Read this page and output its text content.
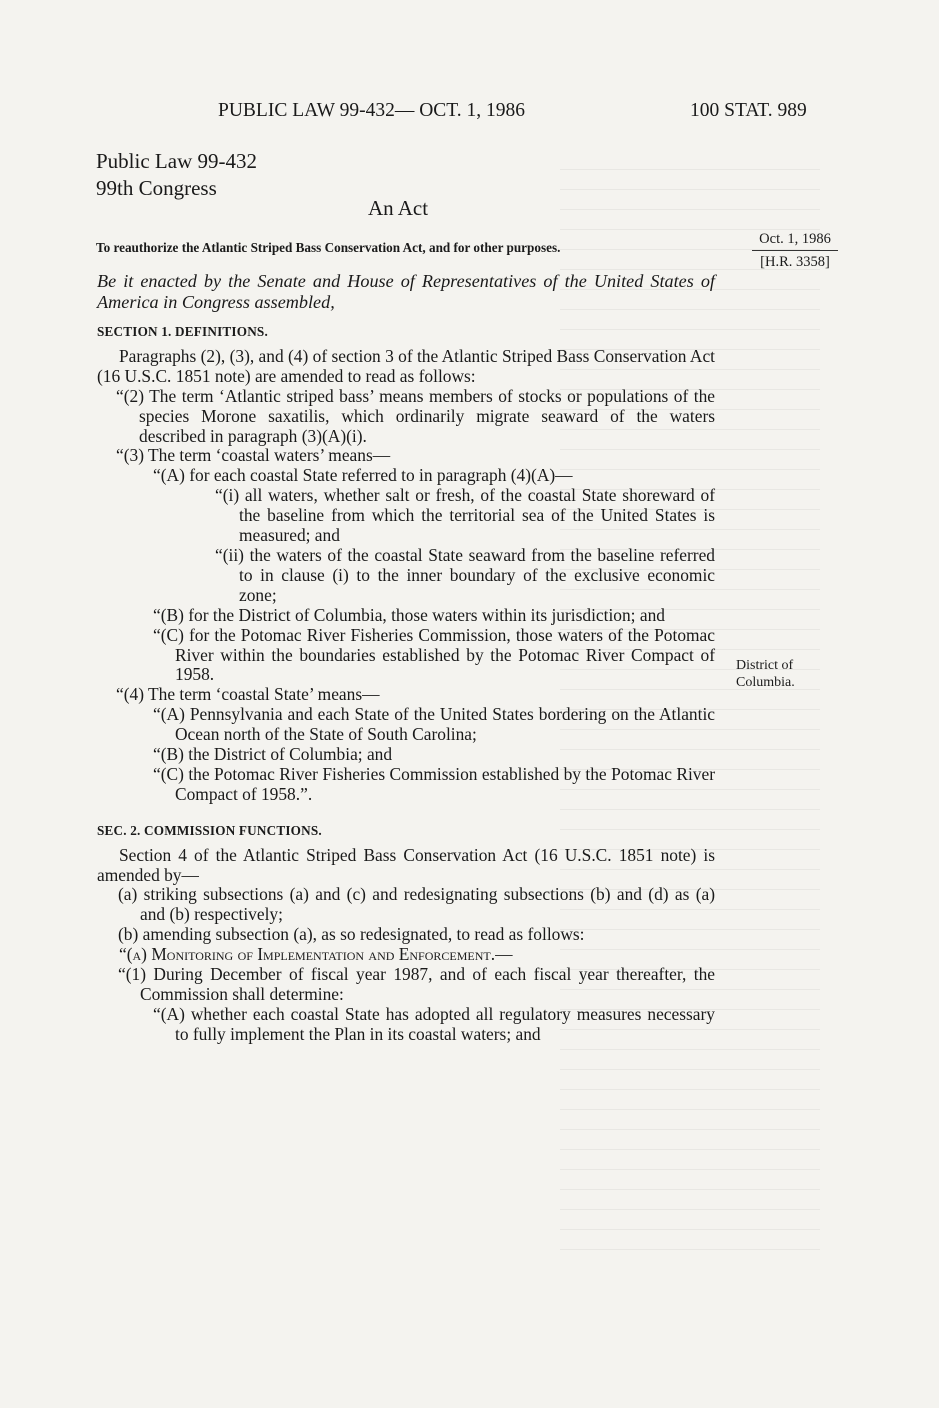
PUBLIC LAW 99-432— OCT. 1, 1986	100 STAT. 989
Public Law 99-432
99th Congress
An Act
To reauthorize the Atlantic Striped Bass Conservation Act, and for other purposes.
Oct. 1, 1986
[H.R. 3358]
District of
Columbia.

Be it enacted by the Senate and House of Representatives of the United States of America in Congress assembled,

SECTION 1. DEFINITIONS.

Paragraphs (2), (3), and (4) of section 3 of the Atlantic Striped Bass Conservation Act (16 U.S.C. 1851 note) are amended to read as follows:

“(2) The term ‘Atlantic striped bass’ means members of stocks or populations of the species Morone saxatilis, which ordinarily migrate seaward of the waters described in paragraph (3)(A)(i).

“(3) The term ‘coastal waters’ means—

“(A) for each coastal State referred to in paragraph (4)(A)—

“(i) all waters, whether salt or fresh, of the coastal State shoreward of the baseline from which the territorial sea of the United States is measured; and

“(ii) the waters of the coastal State seaward from the baseline referred to in clause (i) to the inner boundary of the exclusive economic zone;

“(B) for the District of Columbia, those waters within its jurisdiction; and

“(C) for the Potomac River Fisheries Commission, those waters of the Potomac River within the boundaries established by the Potomac River Compact of 1958.

“(4) The term ‘coastal State’ means—

“(A) Pennsylvania and each State of the United States bordering on the Atlantic Ocean north of the State of South Carolina;

“(B) the District of Columbia; and

“(C) the Potomac River Fisheries Commission established by the Potomac River Compact of 1958.”.

SEC. 2. COMMISSION FUNCTIONS.

Section 4 of the Atlantic Striped Bass Conservation Act (16 U.S.C. 1851 note) is amended by—

(a) striking subsections (a) and (c) and redesignating subsections (b) and (d) as (a) and (b) respectively;

(b) amending subsection (a), as so redesignated, to read as follows:

“(a) Monitoring of Implementation and Enforcement.—

“(1) During December of fiscal year 1987, and of each fiscal year thereafter, the Commission shall determine:

“(A) whether each coastal State has adopted all regulatory measures necessary to fully implement the Plan in its coastal waters; and
